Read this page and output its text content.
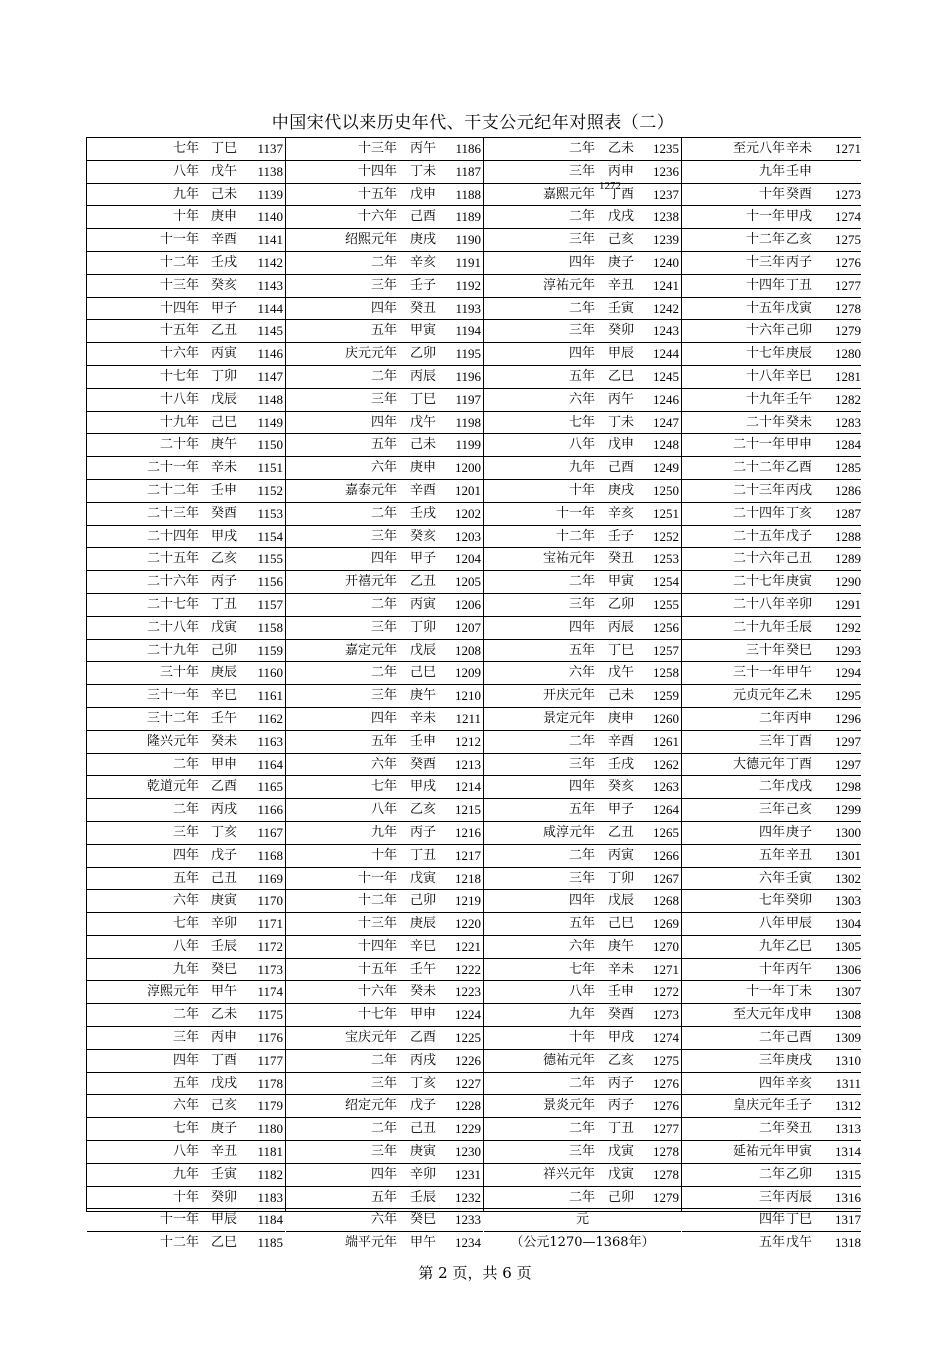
中国宋代以来历史年代、干支公元纪年对照表（二）
七年 丁巳 1137
八年 戊午 1138
九年 己未 1139
十年 庚申 1140
十一年 辛酉 1141
十二年 壬戌 1142
十三年 癸亥 1143
十四年 甲子 1144
十五年 乙丑 1145
十六年 丙寅 1146
十七年 丁卯 1147
十八年 戊辰 1148
十九年 己巳 1149
二十年 庚午 1150
二十一年 辛未 1151
二十二年 壬申 1152
二十三年 癸酉 1153
二十四年 甲戌 1154
二十五年 乙亥 1155
二十六年 丙子 1156
二十七年 丁丑 1157
二十八年 戊寅 1158
二十九年 己卯 1159
三十年 庚辰 1160
三十一年 辛巳 1161
三十二年 壬午 1162
隆兴元年 癸未 1163
二年 甲申 1164
乾道元年 乙酉 1165
二年 丙戌 1166
三年 丁亥 1167
四年 戊子 1168
五年 己丑 1169
六年 庚寅 1170
七年 辛卯 1171
八年 壬辰 1172
九年 癸巳 1173
淳熙元年 甲午 1174
二年 乙未 1175
三年 丙申 1176
四年 丁酉 1177
五年 戊戌 1178
六年 己亥 1179
七年 庚子 1180
八年 辛丑 1181
九年 壬寅 1182
十年 癸卯 1183
十一年 甲辰 1184
十二年 乙巳 1185
十三年 丙午 1186
十四年 丁未 1187
十五年 戊申 1188
十六年 己酉 1189
绍熙元年 庚戌 1190
二年 辛亥 1191
三年 壬子 1192
四年 癸丑 1193
五年 甲寅 1194
庆元元年 乙卯 1195
二年 丙辰 1196
三年 丁巳 1197
四年 戊午 1198
五年 己未 1199
六年 庚申 1200
嘉泰元年 辛酉 1201
二年 壬戌 1202
三年 癸亥 1203
四年 甲子 1204
开禧元年 乙丑 1205
二年 丙寅 1206
三年 丁卯 1207
嘉定元年 戊辰 1208
二年 己巳 1209
三年 庚午 1210
四年 辛未 1211
五年 壬申 1212
六年 癸酉 1213
七年 甲戌 1214
八年 乙亥 1215
九年 丙子 1216
十年 丁丑 1217
十一年 戊寅 1218
十二年 己卯 1219
十三年 庚辰 1220
十四年 辛巳 1221
十五年 壬午 1222
十六年 癸未 1223
十七年 甲申 1224
宝庆元年 乙酉 1225
二年 丙戌 1226
三年 丁亥 1227
绍定元年 戊子 1228
二年 己丑 1229
三年 庚寅 1230
四年 辛卯 1231
五年 壬辰 1232
六年 癸巳 1233
端平元年 甲午 1234
二年 乙未 1235
三年 丙申 1236
嘉熙元年 丁酉 1237
二年 戊戌 1238
三年 己亥 1239
四年 庚子 1240
淳祐元年 辛丑 1241
二年 壬寅 1242
三年 癸卯 1243
四年 甲辰 1244
五年 乙巳 1245
六年 丙午 1246
七年 丁未 1247
八年 戊申 1248
九年 己酉 1249
十年 庚戌 1250
十一年 辛亥 1251
十二年 壬子 1252
宝祐元年 癸丑 1253
二年 甲寅 1254
三年 乙卯 1255
四年 丙辰 1256
五年 丁巳 1257
六年 戊午 1258
开庆元年 己未 1259
景定元年 庚申 1260
二年 辛酉 1261
三年 壬戌 1262
四年 癸亥 1263
五年 甲子 1264
咸淳元年 乙丑 1265
二年 丙寅 1266
三年 丁卯 1267
四年 戊辰 1268
五年 己巳 1269
六年 庚午 1270
七年 辛未 1271
八年 壬申 1272
九年 癸酉 1273
十年 甲戌 1274
德祐元年 乙亥 1275
二年 丙子 1276
景炎元年 丙子 1276
二年 丁丑 1277
三年 戊寅 1278
祥兴元年 戊寅 1278
二年 己卯 1279
元
（公元1270—1368年）
至元八年 辛未 1271
九年 壬申
十年 癸酉 1273
十一年 甲戌 1274
十二年 乙亥 1275
十三年 丙子 1276
十四年 丁丑 1277
十五年 戊寅 1278
十六年 己卯 1279
十七年 庚辰 1280
十八年 辛巳 1281
十九年 壬午 1282
二十年 癸未 1283
二十一年 甲申 1284
二十二年 乙酉 1285
二十三年 丙戌 1286
二十四年 丁亥 1287
二十五年 戊子 1288
二十六年 己丑 1289
二十七年 庚寅 1290
二十八年 辛卯 1291
二十九年 壬辰 1292
三十年 癸巳 1293
三十一年 甲午 1294
元贞元年 乙未 1295
二年 丙申 1296
三年 丁酉 1297
大德元年 丁酉 1297
二年 戊戌 1298
三年 己亥 1299
四年 庚子 1300
五年 辛丑 1301
六年 壬寅 1302
七年 癸卯 1303
八年 甲辰 1304
九年 乙巳 1305
十年 丙午 1306
十一年 丁未 1307
至大元年 戊申 1308
二年 己酉 1309
三年 庚戌 1310
四年 辛亥 1311
皇庆元年 壬子 1312
二年 癸丑 1313
延祐元年 甲寅 1314
二年 乙卯 1315
三年 丙辰 1316
四年 丁巳 1317
五年 戊午 1318
1272
第 2 页，共 6 页
